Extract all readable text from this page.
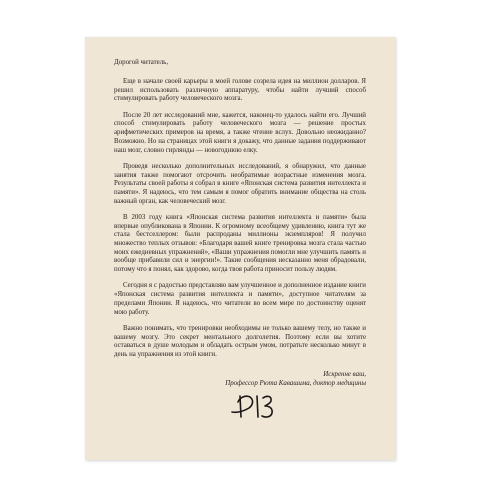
Дорогой читатель,

Еще в начале своей карьеры в моей голове созрела идея на миллион долларов. Я решил использовать различную аппаратуру, чтобы найти лучший способ стимулировать работу человеческого мозга.

После 20 лет исследований мне, кажется, наконец-то удалось найти его. Лучший способ стимулировать работу человеческого мозга — решение простых арифметических примеров на время, а также чтение вслух. Довольно неожиданно? Возможно. Но на страницах этой книги я докажу, что данные задания поддерживают наш мозг, словно гирлянды — новогоднюю елку.

Проведя несколько дополнительных исследований, я обнаружил, что данные занятия также помогают отсрочить необратимые возрастные изменения мозга. Результаты своей работы я собрал в книге «Японская система развития интеллекта и памяти». Я надеюсь, что тем самым я помог обратить внимание общества на столь важный орган, как человеческий мозг.

В 2003 году книга «Японская система развития интеллекта и памяти» была впервые опубликована в Японии. К огромному всеобщему удивлению, книга тут же стала бестселлером: были распроданы миллионы экземпляров! Я получил множество теплых отзывов: «Благодаря вашей книге тренировка мозга стала частью моих ежедневных упражнений», «Ваши упражнения помогли мне улучшить память и вообще прибавили сил и энергии!». Такие сообщения несказанно меня обрадовали, потому что я понял, как здорово, когда твоя работа приносит пользу людям.

Сегодня я с радостью представляю вам улучшенное и дополненное издание книги «Японская система развития интеллекта и памяти», доступное читателям за пределами Японии. Я надеюсь, что читатели во всем мире по достоинству оценят мою работу.

Важно понимать, что тренировки необходимы не только вашему телу, но также и вашему мозгу. Это секрет ментального долголетия. Поэтому если вы хотите оставаться в душе молодым и обладать острым умом, потратьте несколько минут в день на упражнения из этой книги.

Искренне ваш,
Профессор Рюта Кавашима, доктор медицины
